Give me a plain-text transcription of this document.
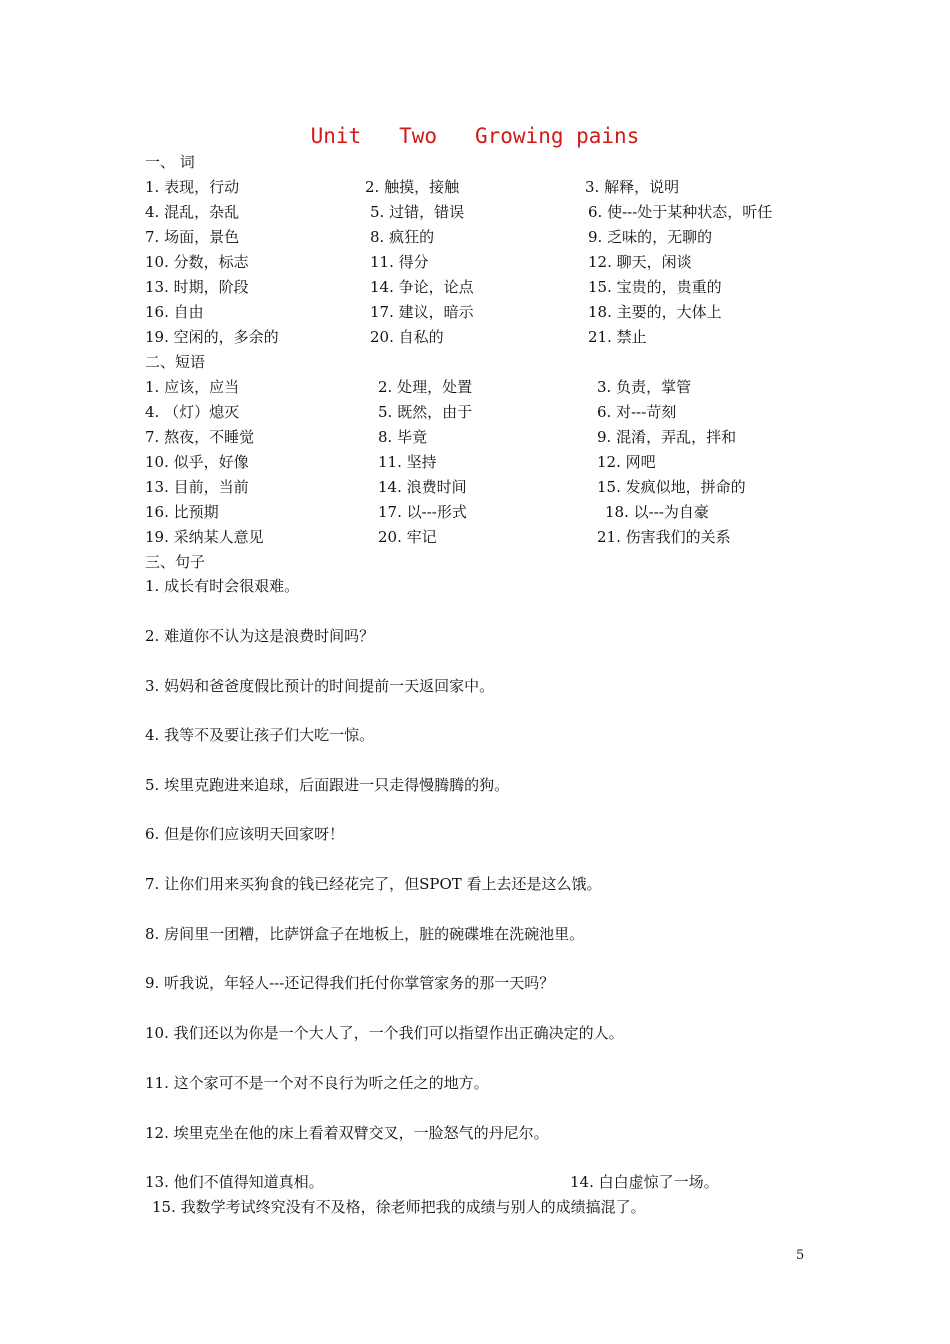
Unit   Two   Growing pains
一、 词
1. 表现，行动	2. 触摸，接触	3. 解释，说明
4. 混乱，杂乱	5. 过错，错误	6. 使---处于某种状态，听任
7. 场面，景色	8. 疯狂的	9. 乏味的，无聊的
10. 分数，标志	11. 得分	12. 聊天，闲谈
13. 时期，阶段	14. 争论，论点	15. 宝贵的，贵重的
16. 自由	17. 建议，暗示	18. 主要的，大体上
19. 空闲的，多余的	20. 自私的	21. 禁止
二、短语
1. 应该，应当	2. 处理，处置	3. 负责，掌管
4. （灯）熄灭	5. 既然，由于	6. 对---苛刻
7. 熬夜，不睡觉	8. 毕竟	9. 混淆，弄乱，拌和
10. 似乎，好像	11. 坚持	12. 网吧
13. 目前，当前	14. 浪费时间	15. 发疯似地，拼命的
16. 比预期	17. 以---形式	18. 以---为自豪
19. 采纳某人意见	20. 牢记	21. 伤害我们的关系
三、句子
1. 成长有时会很艰难。
2. 难道你不认为这是浪费时间吗？
3. 妈妈和爸爸度假比预计的时间提前一天返回家中。
4. 我等不及要让孩子们大吃一惊。
5. 埃里克跑进来追球，后面跟进一只走得慢腾腾的狗。
6. 但是你们应该明天回家呀！
7. 让你们用来买狗食的钱已经花完了，但SPOT 看上去还是这么饿。
8. 房间里一团糟，比萨饼盒子在地板上，脏的碗碟堆在洗碗池里。
9. 听我说，年轻人---还记得我们托付你掌管家务的那一天吗？
10. 我们还以为你是一个大人了，一个我们可以指望作出正确决定的人。
11. 这个家可不是一个对不良行为听之任之的地方。
12. 埃里克坐在他的床上看着双臂交叉，一脸怒气的丹尼尔。
13. 他们不值得知道真相。	14. 白白虚惊了一场。
15. 我数学考试终究没有不及格，徐老师把我的成绩与别人的成绩搞混了。
5
